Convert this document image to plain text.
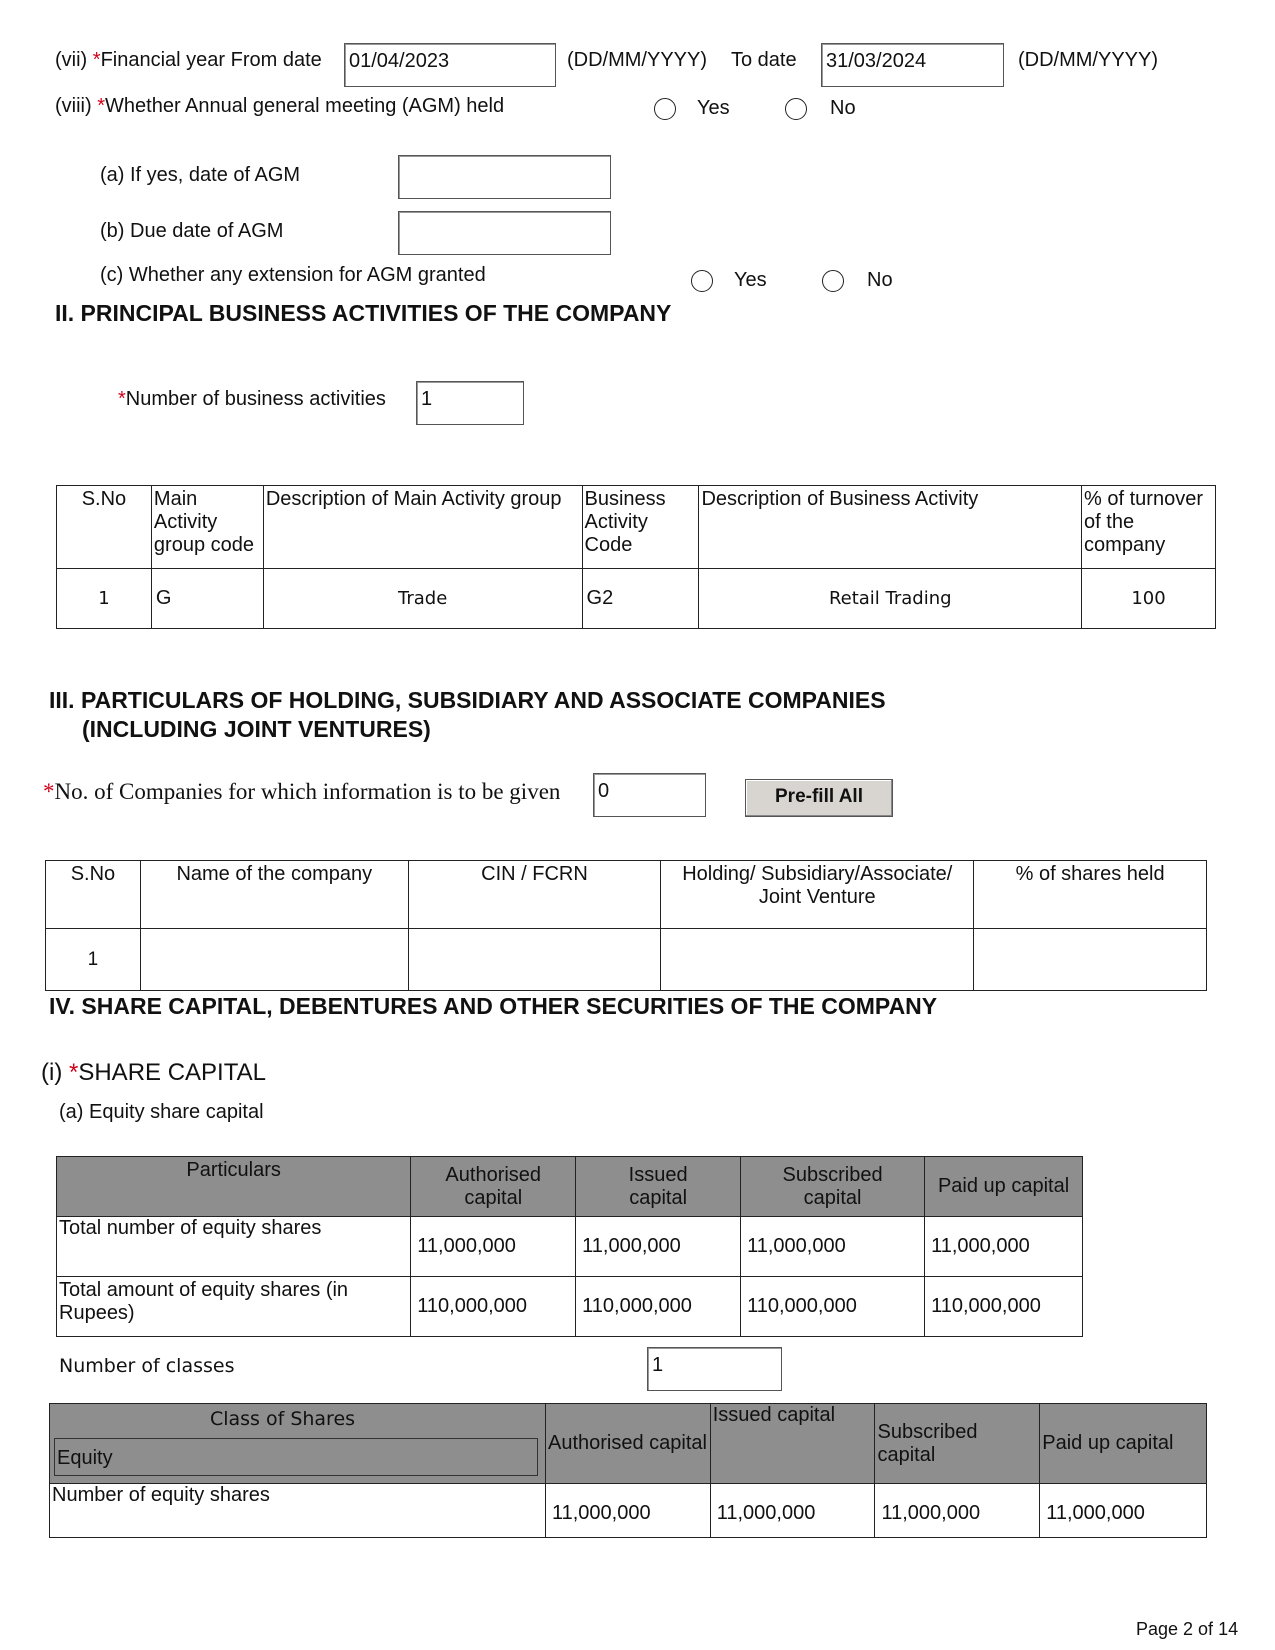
(vii) *Financial year From date 01/04/2023	(DD/MM/YYYY) To date 31/03/2024	(DD/MM/YYYY)
(viii) *Whether Annual general meeting (AGM) held	Yes	No
(a) If yes, date of AGM
(b) Due date of AGM
(c) Whether any extension for AGM granted	Yes	No
II. PRINCIPAL BUSINESS ACTIVITIES OF THE COMPANY
*Number of business activities 1
S.No	Main Activity group code	Description of Main Activity group	Business Activity Code	Description of Business Activity	% of turnover of the company
1	G	Trade	G2	Retail Trading	100
III. PARTICULARS OF HOLDING, SUBSIDIARY AND ASSOCIATE COMPANIES
(INCLUDING JOINT VENTURES)
*No. of Companies for which information is to be given 0	Pre-fill All
S.No	Name of the company	CIN / FCRN	Holding/ Subsidiary/Associate/ Joint Venture	% of shares held
1				
IV. SHARE CAPITAL, DEBENTURES AND OTHER SECURITIES OF THE COMPANY
(i) *SHARE CAPITAL
(a) Equity share capital
Particulars	Authorised capital	Issued capital	Subscribed capital	Paid up capital
Total number of equity shares	11,000,000	11,000,000	11,000,000	11,000,000
Total amount of equity shares (in Rupees)	110,000,000	110,000,000	110,000,000	110,000,000
Number of classes	1
Class of Shares
Equity	Authorised capital	Issued capital	Subscribed capital	Paid up capital
Number of equity shares	11,000,000	11,000,000	11,000,000	11,000,000
Page 2 of 14
